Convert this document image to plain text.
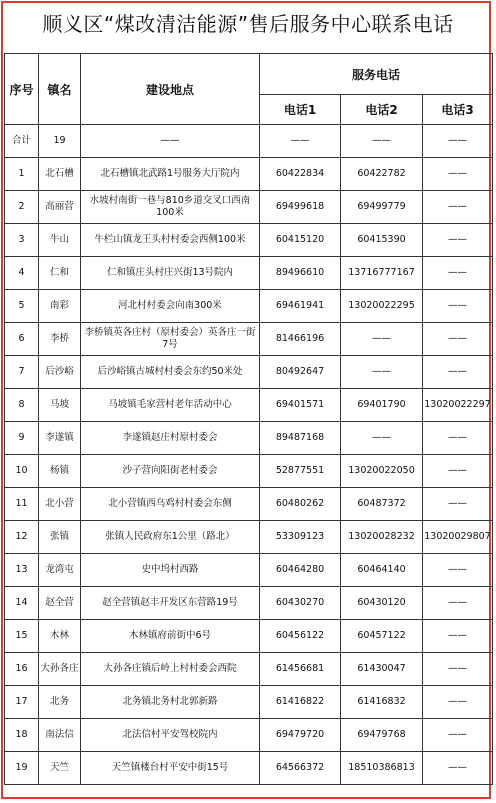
顺义区“煤改清洁能源”售后服务中心联系电话
序号	镇名	建设地点	服务电话		
			电话1	电话2	电话3
合计	19	——	——	——	——
1	北石槽	北石槽镇北武路1号服务大厅院内	60422834	60422782	——
2	高丽营	水坡村南街一巷与810乡道交叉口西南100米	69499618	69499779	——
3	牛山	牛栏山镇龙王头村村委会西侧100米	60415120	60415390	——
4	仁和	仁和镇庄头村庄兴街13号院内	89496610	13716777167	——
5	南彩	河北村村委会向南300米	69461941	13020022295	——
6	李桥	李桥镇英各庄村（原村委会）英各庄一街7号	81466196	——	——
7	后沙峪	后沙峪镇古城村村委会东约50米处	80492647	——	——
8	马坡	马坡镇毛家营村老年活动中心	69401571	69401790	13020022297
9	李遂镇	李遂镇赵庄村原村委会	89487168	——	——
10	杨镇	沙子营向阳街老村委会	52877551	13020022050	——
11	北小营	北小营镇西乌鸡村村委会东侧	60480262	60487372	——
12	张镇	张镇人民政府东1公里（路北）	53309123	13020028232	13020029807
13	龙湾屯	史中坞村西路	60464280	60464140	——
14	赵全营	赵全营镇赵丰开发区东营路19号	60430270	60430120	——
15	木林	木林镇府前街中6号	60456122	60457122	——
16	大孙各庄	大孙各庄镇后岭上村村委会西院	61456681	61430047	——
17	北务	北务镇北务村北郭新路	61416822	61416832	——
18	南法信	北法信村平安驾校院内	69479720	69479768	——
19	天竺	天竺镇楼台村平安中街15号	64566372	18510386813	——
